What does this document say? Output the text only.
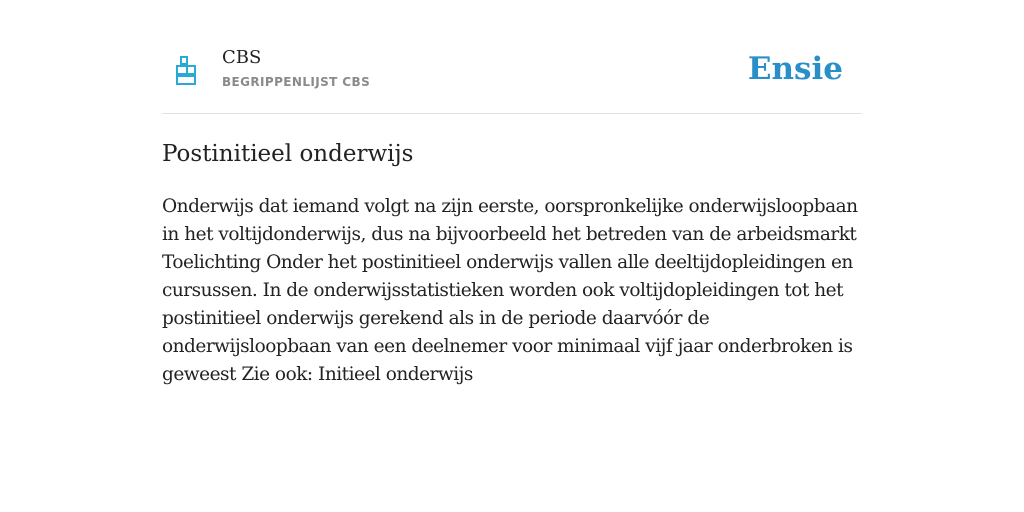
CBS
BEGRIPPENLIJST CBS	Ensie
Postinitieel onderwijs
Onderwijs dat iemand volgt na zijn eerste, oorspronkelijke onderwijsloopbaan in het voltijdonderwijs, dus na bijvoorbeeld het betreden van de arbeidsmarkt Toelichting Onder het postinitieel onderwijs vallen alle deeltijdopleidingen en cursussen. In de onderwijsstatistieken worden ook voltijdopleidingen tot het postinitieel onderwijs gerekend als in de periode daarvóór de onderwijsloopbaan van een deelnemer voor minimaal vijf jaar onderbroken is geweest Zie ook: Initieel onderwijs
